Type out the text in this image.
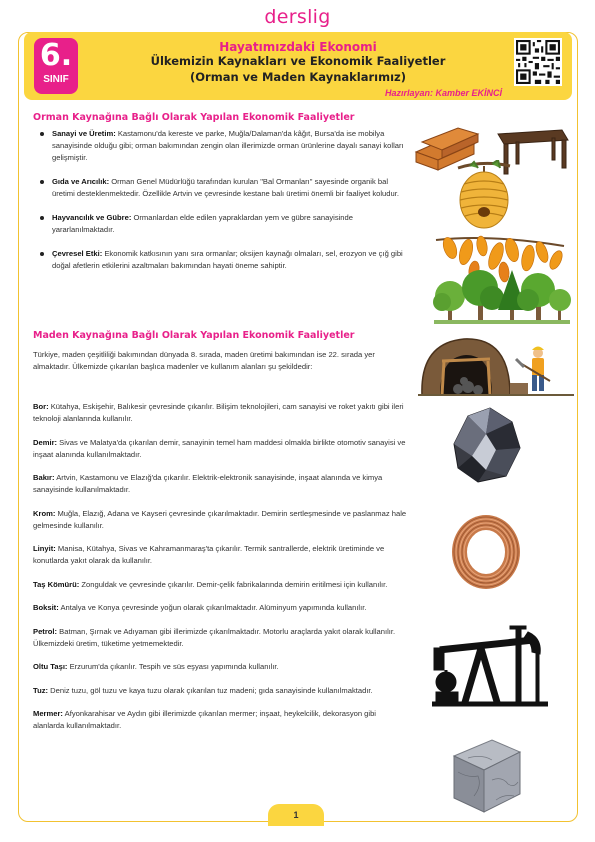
derslig
6.
SINIF
Hayatımızdaki Ekonomi
Ülkemizin Kaynakları ve Ekonomik Faaliyetler
(Orman ve Maden Kaynaklarımız)
Hazırlayan: Kamber EKİNCİ
Orman Kaynağına Bağlı Olarak Yapılan Ekonomik Faaliyetler
Sanayi ve Üretim: Kastamonu'da kereste ve parke, Muğla/Dalaman'da kâğıt, Bursa'da ise mobilya sanayisinde olduğu gibi; orman bakımından zengin olan illerimizde orman ürünlerine dayalı sanayi kolları gelişmiştir.
Gıda ve Arıcılık: Orman Genel Müdürlüğü tarafından kurulan "Bal Ormanları" sayesinde organik bal üretimi desteklenmektedir. Özellikle Artvin ve çevresinde kestane balı üretimi önemli bir faaliyet koludur.
Hayvancılık ve Gübre: Ormanlardan elde edilen yapraklardan yem ve gübre sanayisinde yararlanılmaktadır.
Çevresel Etki: Ekonomik katkısının yanı sıra ormanlar; oksijen kaynağı olmaları, sel, erozyon ve çığ gibi doğal afetlerin etkilerini azaltmaları bakımından hayati öneme sahiptir.
Maden Kaynağına Bağlı Olarak Yapılan Ekonomik Faaliyetler
Türkiye, maden çeşitliliği bakımından dünyada 8. sırada, maden üretimi bakımından ise 22. sırada yer almaktadır. Ülkemizde çıkarılan başlıca madenler ve kullanım alanları şu şekildedir:
Bor: Kütahya, Eskişehir, Balıkesir çevresinde çıkarılır. Bilişim teknolojileri, cam sanayisi ve roket yakıtı gibi ileri teknoloji alanlarında kullanılır.
Demir: Sivas ve Malatya'da çıkarılan demir, sanayinin temel ham maddesi olmakla birlikte otomotiv sanayisi ve inşaat alanında kullanılmaktadır.
Bakır: Artvin, Kastamonu ve Elazığ'da çıkarılır. Elektrik-elektronik sanayisinde, inşaat alanında ve kimya sanayisinde kullanılmaktadır.
Krom: Muğla, Elazığ, Adana ve Kayseri çevresinde çıkarılmaktadır. Demirin sertleşmesinde ve paslanmaz hale gelmesinde kullanılır.
Linyit: Manisa, Kütahya, Sivas ve Kahramanmaraş'ta çıkarılır. Termik santrallerde, elektrik üretiminde ve konutlarda yakıt olarak da kullanılır.
Taş Kömürü: Zonguldak ve çevresinde çıkarılır. Demir-çelik fabrikalarında demirin eritilmesi için kullanılır.
Boksit: Antalya ve Konya çevresinde yoğun olarak çıkarılmaktadır. Alüminyum yapımında kullanılır.
Petrol: Batman, Şırnak ve Adıyaman gibi illerimizde çıkarılmaktadır. Motorlu araçlarda yakıt olarak kullanılır. Ülkemizdeki üretim, tüketime yetmemektedir.
Oltu Taşı: Erzurum'da çıkarılır. Tespih ve süs eşyası yapımında kullanılır.
Tuz: Deniz tuzu, göl tuzu ve kaya tuzu olarak çıkarılan tuz madeni; gıda sanayisinde kullanılmaktadır.
Mermer: Afyonkarahisar ve Aydın gibi illerimizde çıkarılan mermer; inşaat, heykelcilik, dekorasyon gibi alanlarda kullanılmaktadır.
1
